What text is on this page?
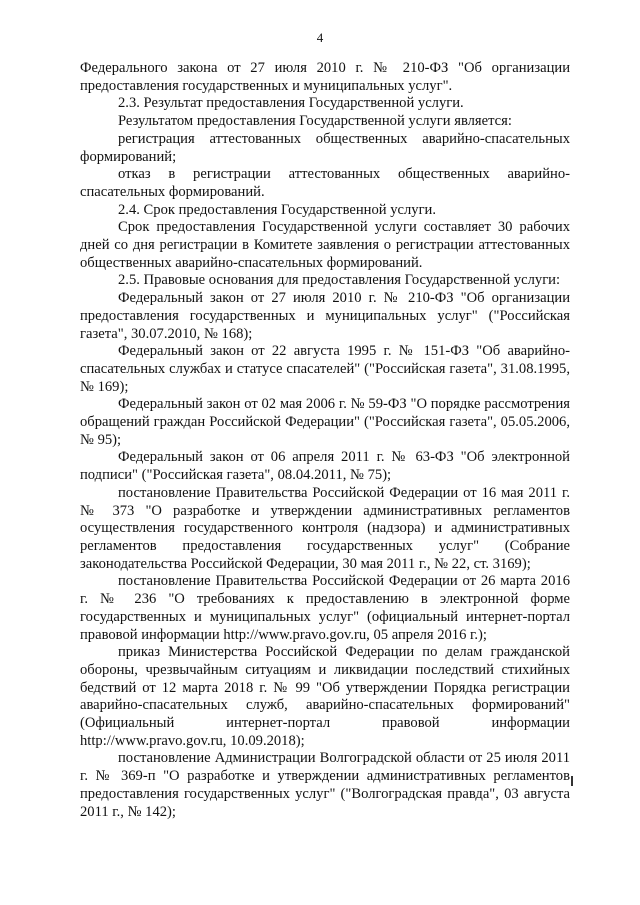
4

Федерального закона от 27 июля 2010 г. № 210-ФЗ "Об организации предоставления государственных и муниципальных услуг".

2.3. Результат предоставления Государственной услуги.

Результатом предоставления Государственной услуги является:

регистрация аттестованных общественных аварийно-спасательных формирований;

отказ в регистрации аттестованных общественных аварийно-спасательных формирований.

2.4. Срок предоставления Государственной услуги.

Срок предоставления Государственной услуги составляет 30 рабочих дней со дня регистрации в Комитете заявления о регистрации аттестованных общественных аварийно-спасательных формирований.

2.5. Правовые основания для предоставления Государственной услуги:

Федеральный закон от 27 июля 2010 г. № 210-ФЗ "Об организации предоставления государственных и муниципальных услуг" ("Российская газета", 30.07.2010, № 168);

Федеральный закон от 22 августа 1995 г. № 151-ФЗ "Об аварийно-спасательных службах и статусе спасателей" ("Российская газета", 31.08.1995, № 169);

Федеральный закон от 02 мая 2006 г. № 59-ФЗ "О порядке рассмотрения обращений граждан Российской Федерации" ("Российская газета", 05.05.2006, № 95);

Федеральный закон от 06 апреля 2011 г. № 63-ФЗ "Об электронной подписи" ("Российская газета", 08.04.2011, № 75);

постановление Правительства Российской Федерации от 16 мая 2011 г. № 373 "О разработке и утверждении административных регламентов осуществления государственного контроля (надзора) и административных регламентов предоставления государственных услуг" (Собрание законодательства Российской Федерации, 30 мая 2011 г., № 22, ст. 3169);

постановление Правительства Российской Федерации от 26 марта 2016 г. № 236 "О требованиях к предоставлению в электронной форме государственных и муниципальных услуг" (официальный интернет-портал правовой информации http://www.pravo.gov.ru, 05 апреля 2016 г.);

приказ Министерства Российской Федерации по делам гражданской обороны, чрезвычайным ситуациям и ликвидации последствий стихийных бедствий от 12 марта 2018 г. № 99 "Об утверждении Порядка регистрации аварийно-спасательных служб, аварийно-спасательных формирований" (Официальный интернет-портал правовой информации http://www.pravo.gov.ru, 10.09.2018);

постановление Администрации Волгоградской области от 25 июля 2011 г. № 369-п "О разработке и утверждении административных регламентов предоставления государственных услуг" ("Волгоградская правда", 03 августа 2011 г., № 142);
